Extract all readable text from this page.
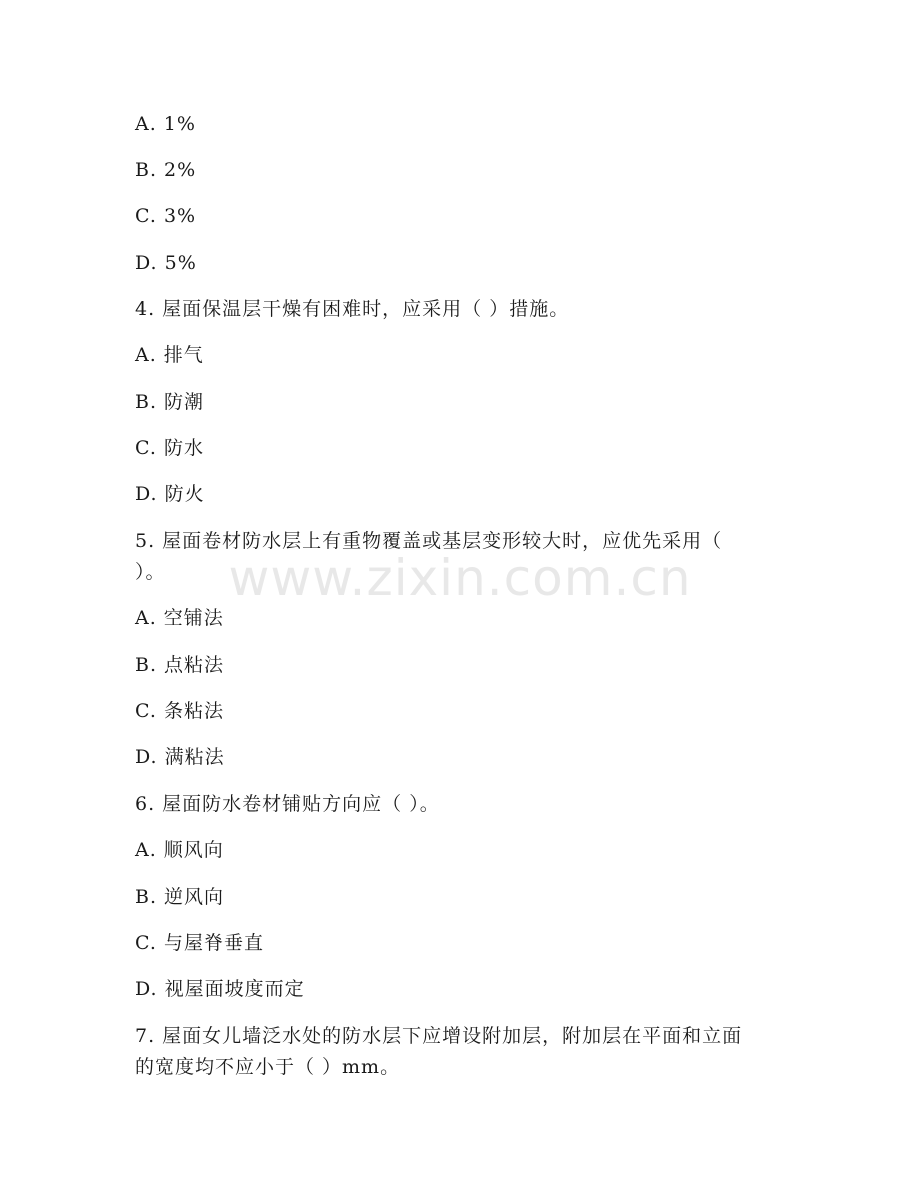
www.zixin.com.cn
A. 1%
B. 2%
C. 3%
D. 5%
4. 屋面保温层干燥有困难时，应采用（ ）措施。
A. 排气
B. 防潮
C. 防水
D. 防火
5. 屋面卷材防水层上有重物覆盖或基层变形较大时，应优先采用（
）。
A. 空铺法
B. 点粘法
C. 条粘法
D. 满粘法
6. 屋面防水卷材铺贴方向应（ ）。
A. 顺风向
B. 逆风向
C. 与屋脊垂直
D. 视屋面坡度而定
7. 屋面女儿墙泛水处的防水层下应增设附加层，附加层在平面和立面
的宽度均不应小于（ ）mm。
